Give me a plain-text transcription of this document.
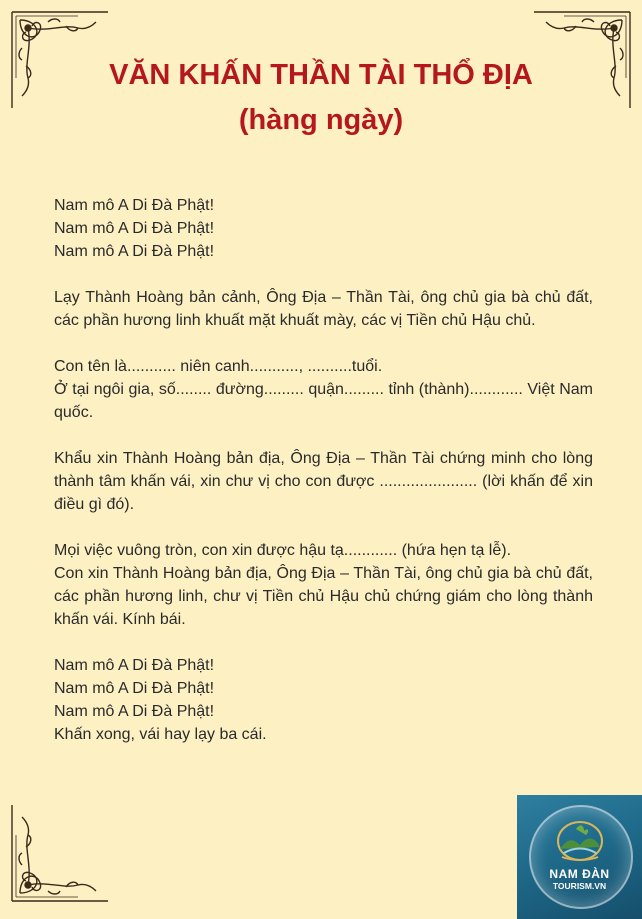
VĂN KHẤN THẦN TÀI THỔ ĐỊA
(hàng ngày)

Nam mô A Di Đà Phật!
Nam mô A Di Đà Phật!
Nam mô A Di Đà Phật!

Lạy Thành Hoàng bản cảnh, Ông Địa – Thần Tài, ông chủ gia bà chủ đất, các phần hương linh khuất mặt khuất mày, các vị Tiền chủ Hậu chủ.

Con tên là........... niên canh..........., ..........tuổi.
Ở tại ngôi gia, số........ đường......... quận......... tỉnh (thành)............ Việt Nam quốc.

Khẩu xin Thành Hoàng bản địa, Ông Địa – Thần Tài chứng minh cho lòng thành tâm khấn vái, xin chư vị cho con được ...................... (lời khấn để xin điều gì đó).

Mọi việc vuông tròn, con xin được hậu tạ............ (hứa hẹn tạ lễ).
Con xin Thành Hoàng bản địa, Ông Địa – Thần Tài, ông chủ gia bà chủ đất, các phần hương linh, chư vị Tiền chủ Hậu chủ chứng giám cho lòng thành khấn vái. Kính bái.

Nam mô A Di Đà Phật!
Nam mô A Di Đà Phật!
Nam mô A Di Đà Phật!
Khấn xong, vái hay lạy ba cái.

NAM ĐÀN
TOURISM.VN
